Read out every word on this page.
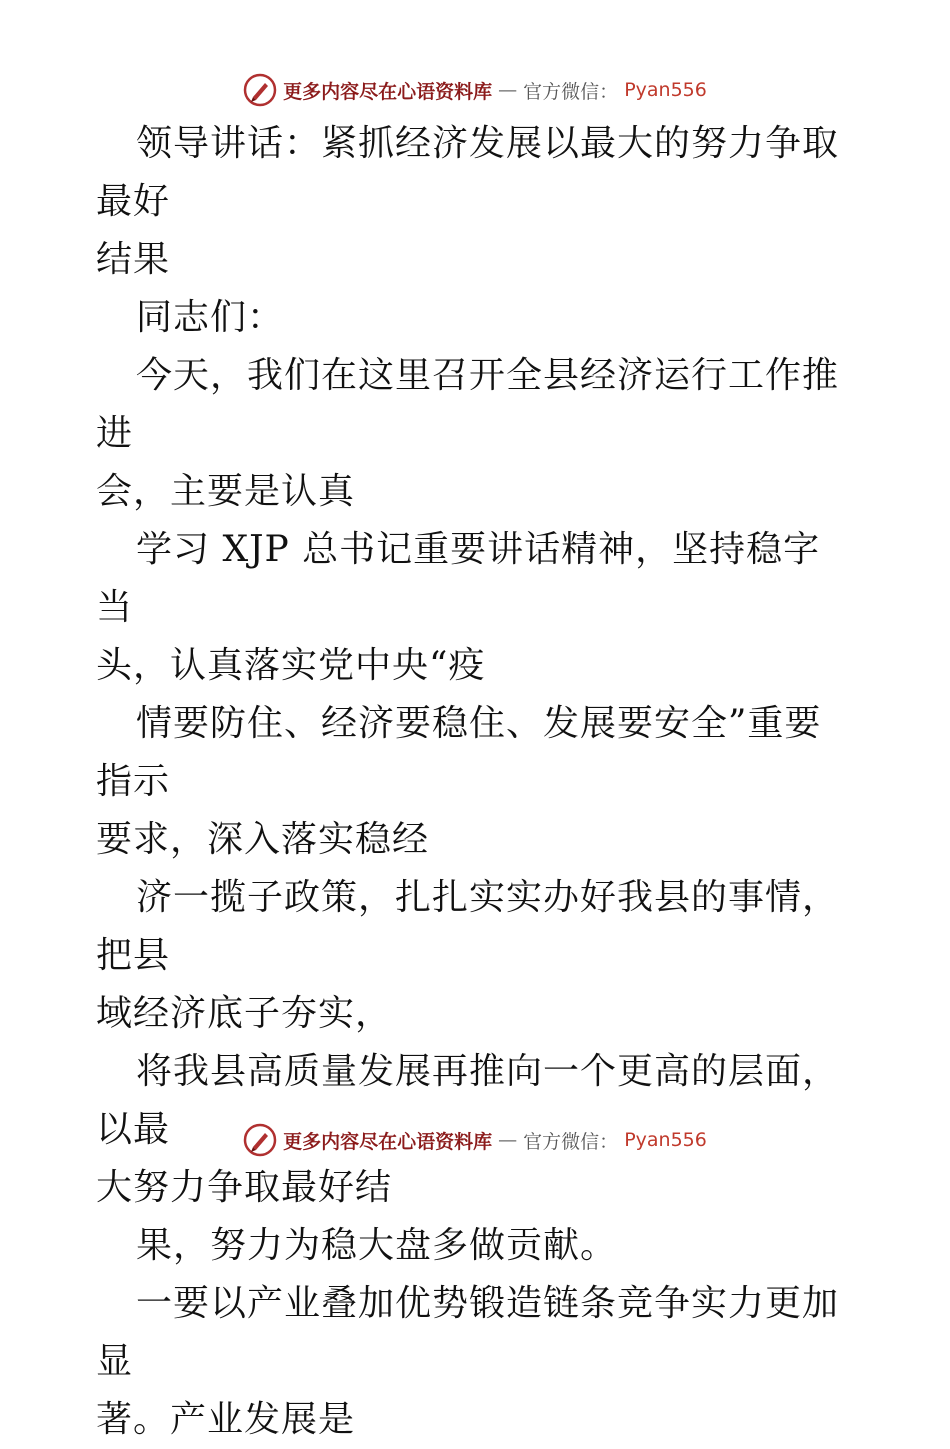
更多内容尽在心语资料库 — 官方微信： Pyan556

领导讲话：紧抓经济发展以最大的努力争取最好
结果

同志们：

今天，我们在这里召开全县经济运行工作推进
会，主要是认真

学习 XJP 总书记重要讲话精神，坚持稳字当
头，认真落实党中央“疫

情要防住、经济要稳住、发展要安全”重要指示
要求，深入落实稳经

济一揽子政策，扎扎实实办好我县的事情，把县
域经济底子夯实，

将我县高质量发展再推向一个更高的层面，以最
大努力争取最好结

果，努力为稳大盘多做贡献。

一要以产业叠加优势锻造链条竞争实力更加显
著。产业发展是

更多内容尽在心语资料库 — 官方微信： Pyan556
